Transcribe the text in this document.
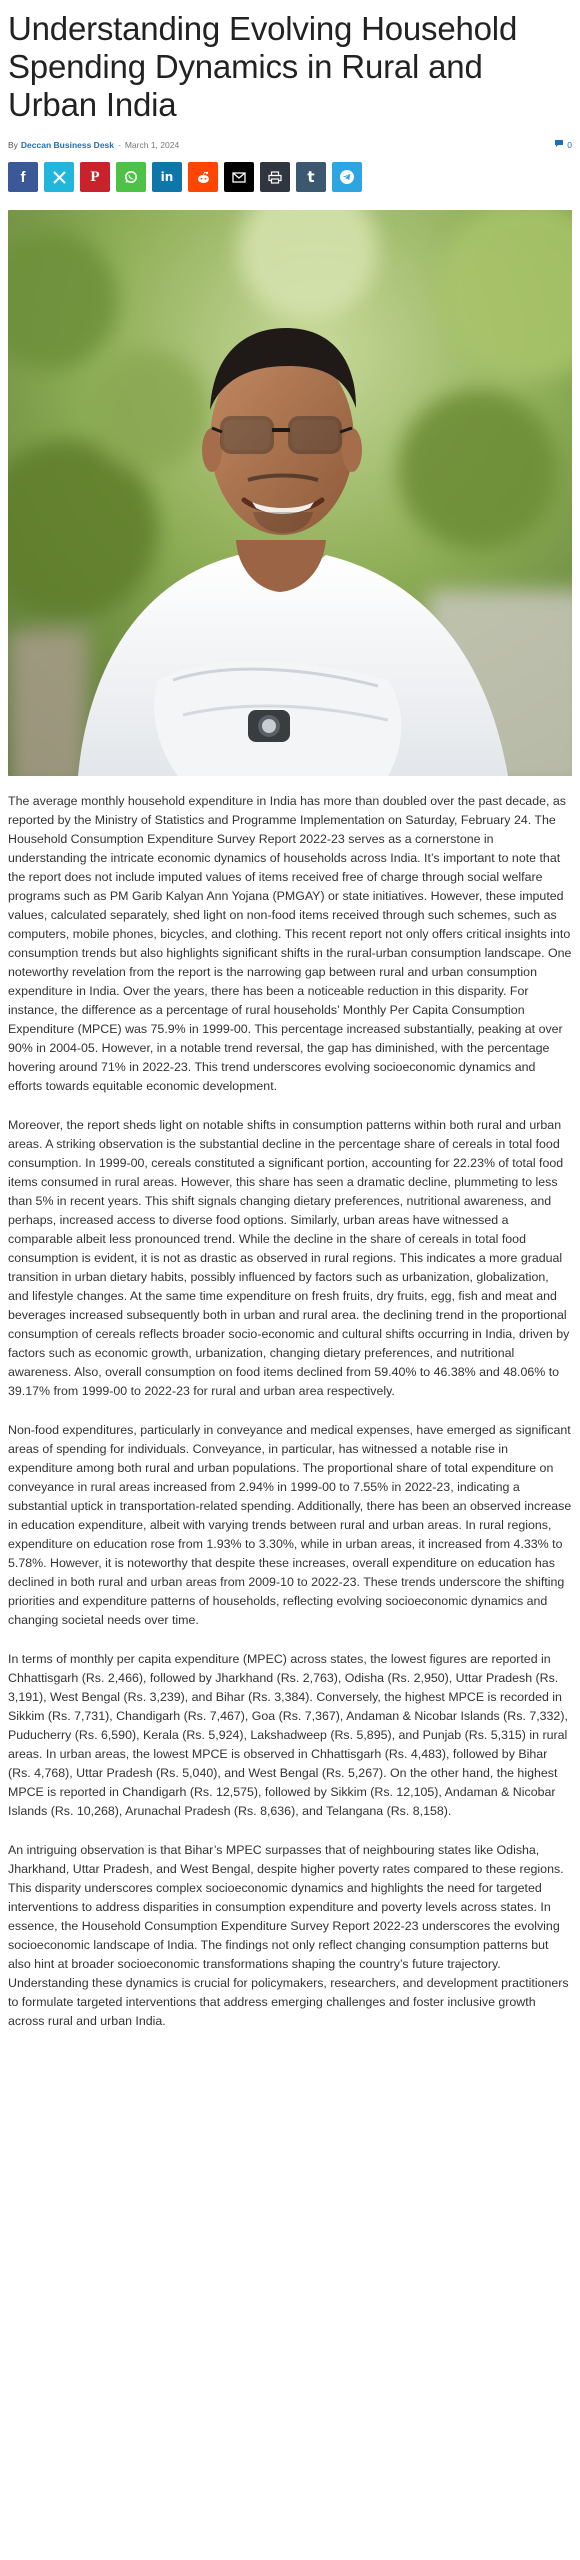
Understanding Evolving Household Spending Dynamics in Rural and Urban India
By Deccan Business Desk - March 1, 2024	0
f	P	in	t

The average monthly household expenditure in India has more than doubled over the past decade, as reported by the Ministry of Statistics and Programme Implementation on Saturday, February 24. The Household Consumption Expenditure Survey Report 2022-23 serves as a cornerstone in understanding the intricate economic dynamics of households across India. It’s important to note that the report does not include imputed values of items received free of charge through social welfare programs such as PM Garib Kalyan Ann Yojana (PMGAY) or state initiatives. However, these imputed values, calculated separately, shed light on non-food items received through such schemes, such as computers, mobile phones, bicycles, and clothing. This recent report not only offers critical insights into consumption trends but also highlights significant shifts in the rural-urban consumption landscape. One noteworthy revelation from the report is the narrowing gap between rural and urban consumption expenditure in India. Over the years, there has been a noticeable reduction in this disparity. For instance, the difference as a percentage of rural households’ Monthly Per Capita Consumption Expenditure (MPCE) was 75.9% in 1999-00. This percentage increased substantially, peaking at over 90% in 2004-05. However, in a notable trend reversal, the gap has diminished, with the percentage hovering around 71% in 2022-23. This trend underscores evolving socioeconomic dynamics and efforts towards equitable economic development.

Moreover, the report sheds light on notable shifts in consumption patterns within both rural and urban areas. A striking observation is the substantial decline in the percentage share of cereals in total food consumption. In 1999-00, cereals constituted a significant portion, accounting for 22.23% of total food items consumed in rural areas. However, this share has seen a dramatic decline, plummeting to less than 5% in recent years. This shift signals changing dietary preferences, nutritional awareness, and perhaps, increased access to diverse food options. Similarly, urban areas have witnessed a comparable albeit less pronounced trend. While the decline in the share of cereals in total food consumption is evident, it is not as drastic as observed in rural regions. This indicates a more gradual transition in urban dietary habits, possibly influenced by factors such as urbanization, globalization, and lifestyle changes. At the same time expenditure on fresh fruits, dry fruits, egg, fish and meat and beverages increased subsequently both in urban and rural area. the declining trend in the proportional consumption of cereals reflects broader socio-economic and cultural shifts occurring in India, driven by factors such as economic growth, urbanization, changing dietary preferences, and nutritional awareness. Also, overall consumption on food items declined from 59.40% to 46.38% and 48.06% to 39.17% from 1999-00 to 2022-23 for rural and urban area respectively.

Non-food expenditures, particularly in conveyance and medical expenses, have emerged as significant areas of spending for individuals. Conveyance, in particular, has witnessed a notable rise in expenditure among both rural and urban populations. The proportional share of total expenditure on conveyance in rural areas increased from 2.94% in 1999-00 to 7.55% in 2022-23, indicating a substantial uptick in transportation-related spending. Additionally, there has been an observed increase in education expenditure, albeit with varying trends between rural and urban areas. In rural regions, expenditure on education rose from 1.93% to 3.30%, while in urban areas, it increased from 4.33% to 5.78%. However, it is noteworthy that despite these increases, overall expenditure on education has declined in both rural and urban areas from 2009-10 to 2022-23. These trends underscore the shifting priorities and expenditure patterns of households, reflecting evolving socioeconomic dynamics and changing societal needs over time.

In terms of monthly per capita expenditure (MPEC) across states, the lowest figures are reported in Chhattisgarh (Rs. 2,466), followed by Jharkhand (Rs. 2,763), Odisha (Rs. 2,950), Uttar Pradesh (Rs. 3,191), West Bengal (Rs. 3,239), and Bihar (Rs. 3,384). Conversely, the highest MPCE is recorded in Sikkim (Rs. 7,731), Chandigarh (Rs. 7,467), Goa (Rs. 7,367), Andaman & Nicobar Islands (Rs. 7,332), Puducherry (Rs. 6,590), Kerala (Rs. 5,924), Lakshadweep (Rs. 5,895), and Punjab (Rs. 5,315) in rural areas. In urban areas, the lowest MPCE is observed in Chhattisgarh (Rs. 4,483), followed by Bihar (Rs. 4,768), Uttar Pradesh (Rs. 5,040), and West Bengal (Rs. 5,267). On the other hand, the highest MPCE is reported in Chandigarh (Rs. 12,575), followed by Sikkim (Rs. 12,105), Andaman & Nicobar Islands (Rs. 10,268), Arunachal Pradesh (Rs. 8,636), and Telangana (Rs. 8,158).

An intriguing observation is that Bihar’s MPEC surpasses that of neighbouring states like Odisha, Jharkhand, Uttar Pradesh, and West Bengal, despite higher poverty rates compared to these regions. This disparity underscores complex socioeconomic dynamics and highlights the need for targeted interventions to address disparities in consumption expenditure and poverty levels across states. In essence, the Household Consumption Expenditure Survey Report 2022-23 underscores the evolving socioeconomic landscape of India. The findings not only reflect changing consumption patterns but also hint at broader socioeconomic transformations shaping the country’s future trajectory. Understanding these dynamics is crucial for policymakers, researchers, and development practitioners to formulate targeted interventions that address emerging challenges and foster inclusive growth across rural and urban India.
